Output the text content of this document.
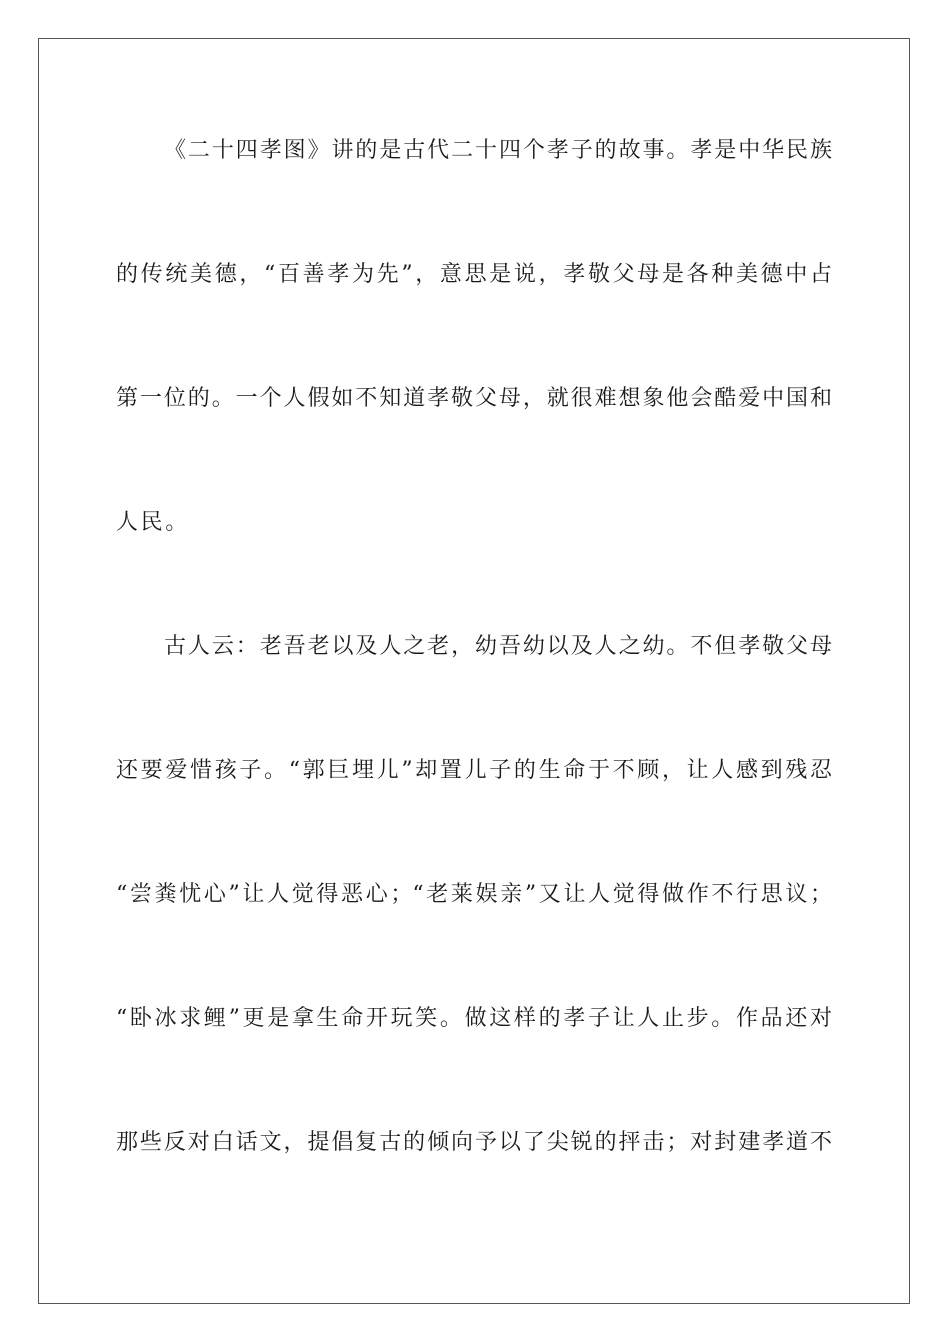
《二十四孝图》讲的是古代二十四个孝子的故事。孝是中华民族
的传统美德，“百善孝为先”，意思是说，孝敬父母是各种美德中占
第一位的。一个人假如不知道孝敬父母，就很难想象他会酷爱中国和
人民。
古人云：老吾老以及人之老，幼吾幼以及人之幼。不但孝敬父母
还要爱惜孩子。“郭巨埋儿”却置儿子的生命于不顾，让人感到残忍
“尝粪忧心”让人觉得恶心；“老莱娱亲”又让人觉得做作不行思议；
“卧冰求鲤”更是拿生命开玩笑。做这样的孝子让人止步。作品还对
那些反对白话文，提倡复古的倾向予以了尖锐的抨击；对封建孝道不
